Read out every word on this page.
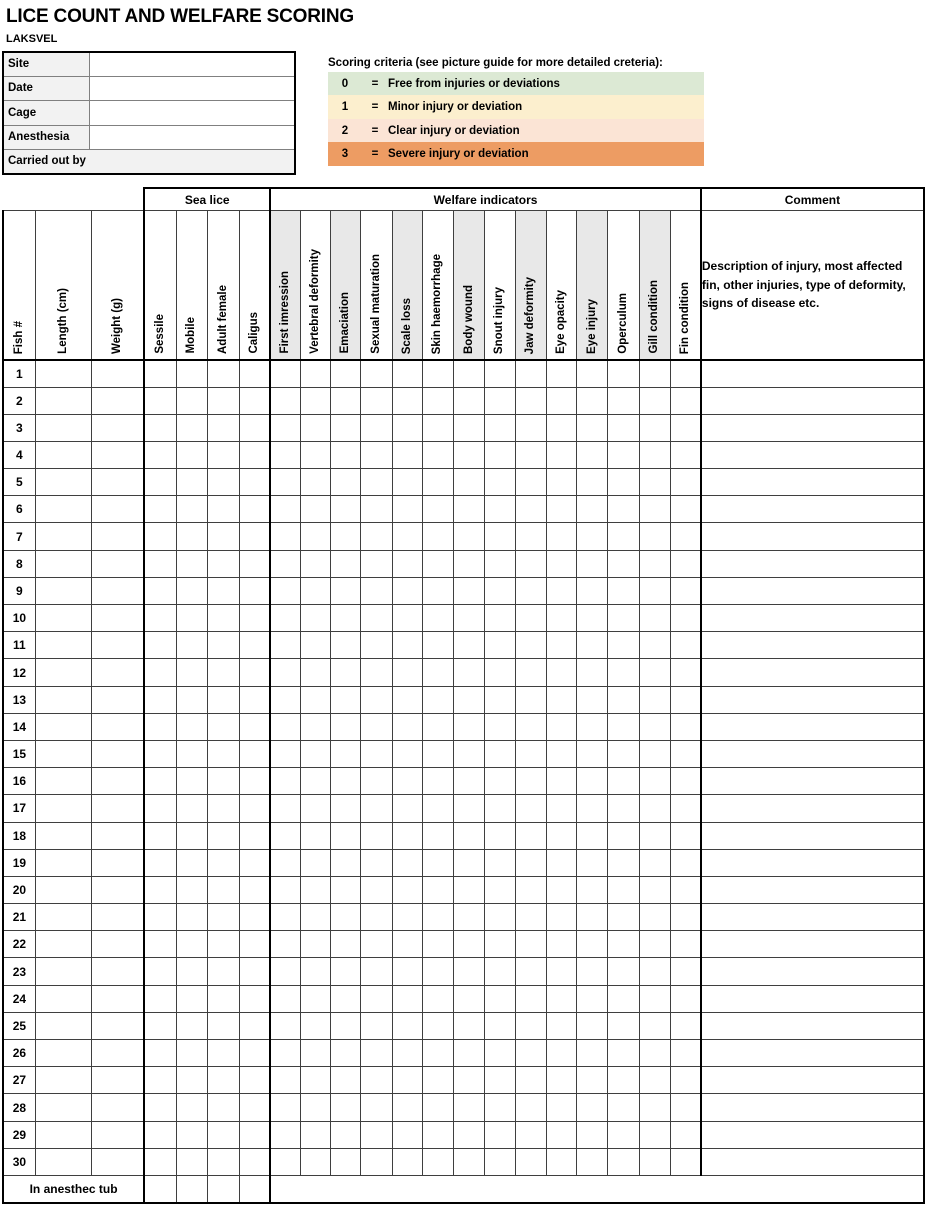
LICE COUNT AND WELFARE SCORING
LAKSVEL
Site	
Date	
Cage	
Anesthesia	
Carried out by	
Scoring criteria (see picture guide for more detailed creteria):
0	=	Free from injuries or deviations
1	=	Minor injury or deviation
2	=	Clear injury or deviation
3	=	Severe injury or deviation
			Sea lice				Welfare indicators														Comment
Fish #	Length (cm)	Weight (g)	Sessile	Mobile	Adult female	Caligus	First imression	Vertebral deformity	Emaciation	Sexual maturation	Scale loss	Skin haemorrhage	Body wound	Snout injury	Jaw deformity	Eye opacity	Eye injury	Operculum	Gill condition	Fin condition	Description of injury, most affected fin, other injuries, type of deformity, signs of disease etc.
1																					
2																					
3																					
4																					
5																					
6																					
7																					
8																					
9																					
10																					
11																					
12																					
13																					
14																					
15																					
16																					
17																					
18																					
19																					
20																					
21																					
22																					
23																					
24																					
25																					
26																					
27																					
28																					
29																					
30																					
In anesthec tub																					
